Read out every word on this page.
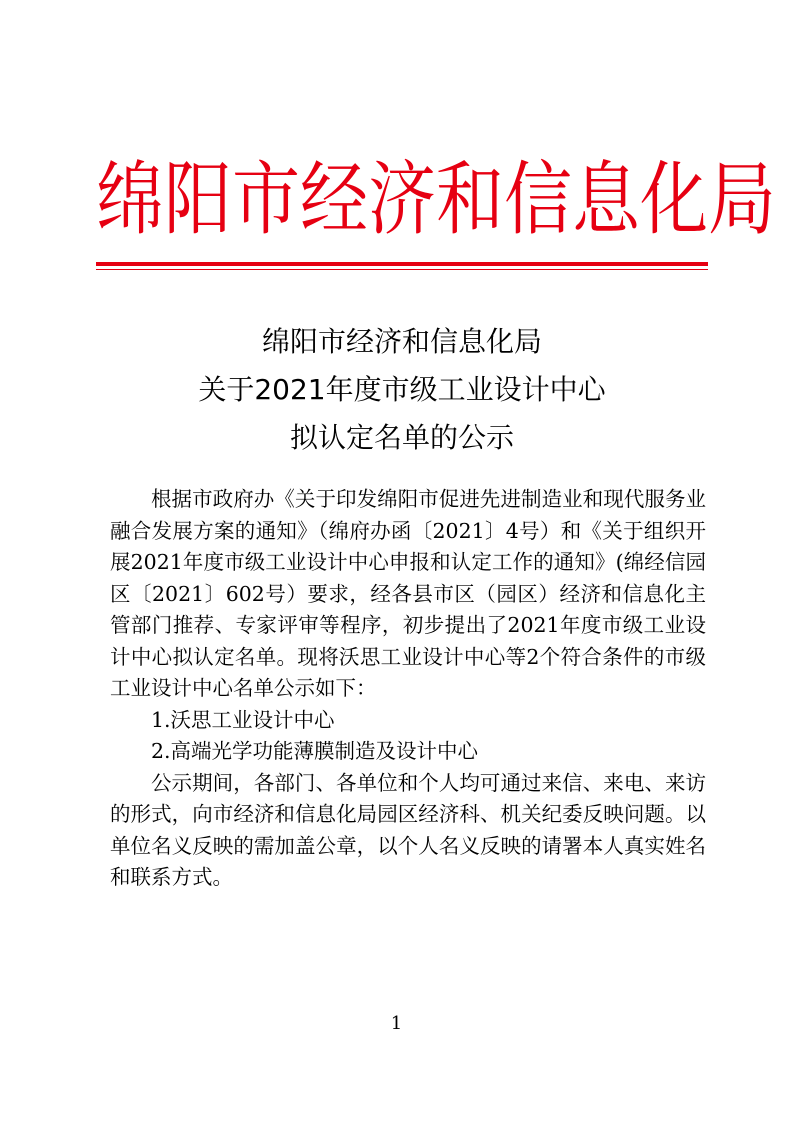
绵阳市经济和信息化局
绵阳市经济和信息化局
关于2021年度市级工业设计中心
拟认定名单的公示

根据市政府办《关于印发绵阳市促进先进制造业和现代服务业融合发展方案的通知》（绵府办函〔2021〕4号）和《关于组织开展2021年度市级工业设计中心申报和认定工作的通知》(绵经信园区〔2021〕602号）要求，经各县市区（园区）经济和信息化主管部门推荐、专家评审等程序，初步提出了2021年度市级工业设计中心拟认定名单。现将沃思工业设计中心等2个符合条件的市级工业设计中心名单公示如下：

1.沃思工业设计中心

2.高端光学功能薄膜制造及设计中心

公示期间，各部门、各单位和个人均可通过来信、来电、来访的形式，向市经济和信息化局园区经济科、机关纪委反映问题。以单位名义反映的需加盖公章，以个人名义反映的请署本人真实姓名和联系方式。

1
